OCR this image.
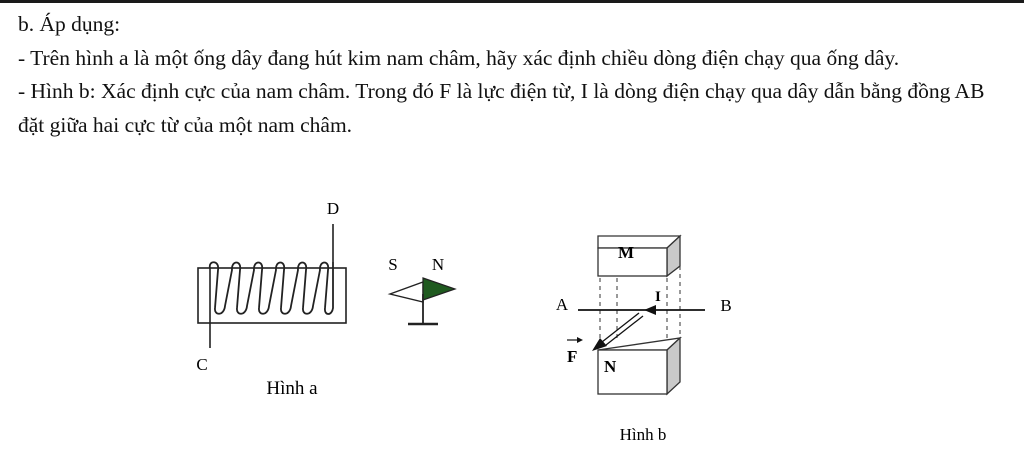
b. Áp dụng:

- Trên hình a là một ống dây đang hút kim nam châm, hãy xác định chiều dòng điện chạy qua ống dây.

- Hình b: Xác định cực của nam châm. Trong đó F là lực điện từ, I là dòng điện chạy qua dây dẫn bằng đồng AB đặt giữa hai cực từ của một nam châm.

D
C
S N
Hình a
M
A	B
I
F
N
Hình b
